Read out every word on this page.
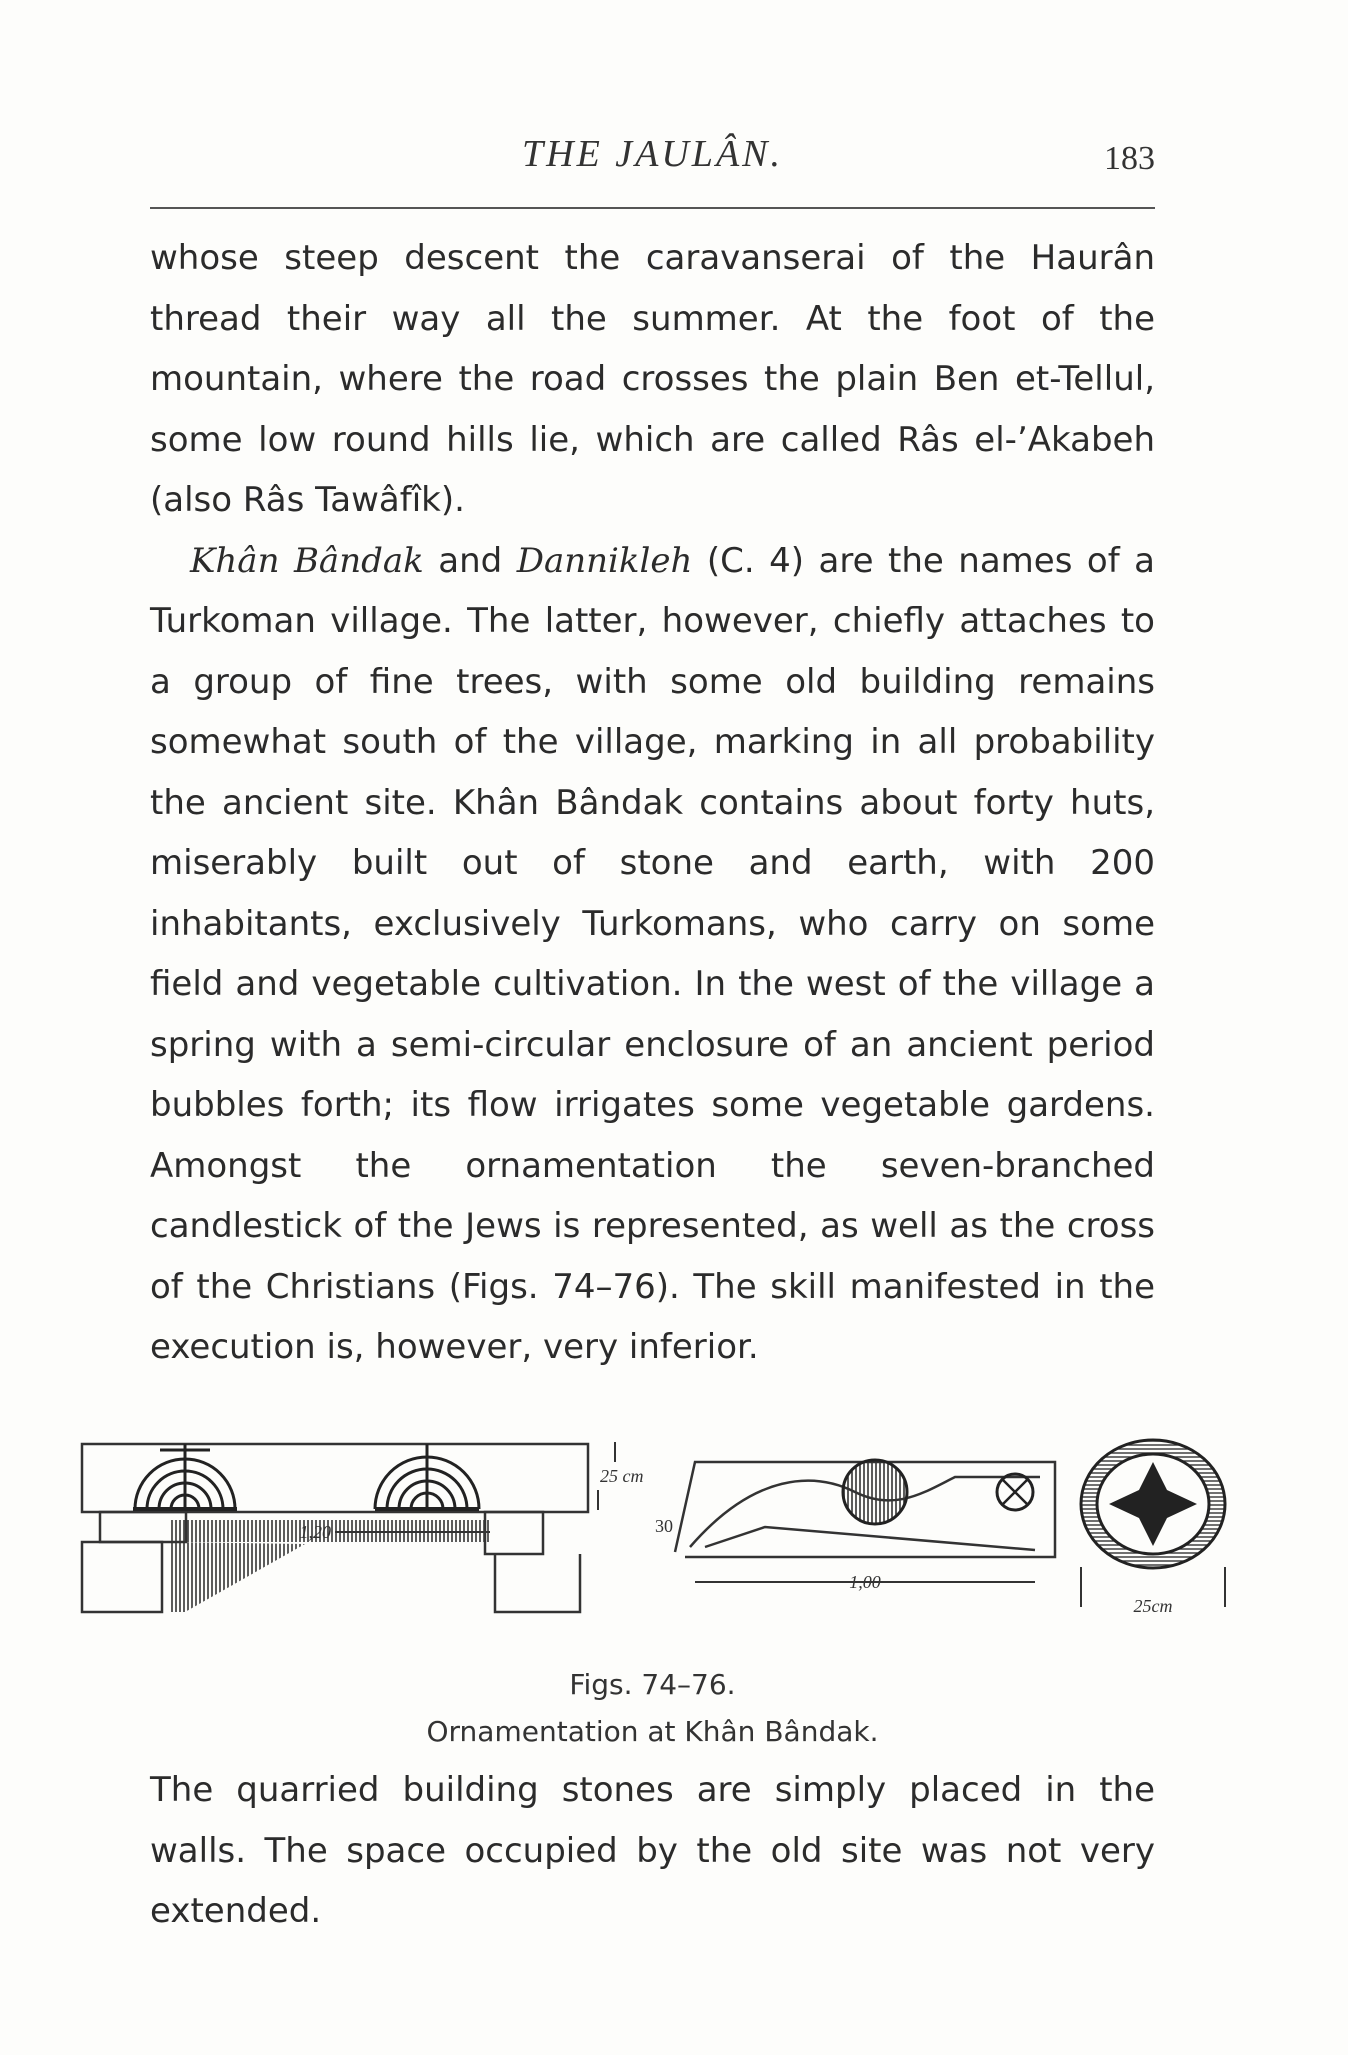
THE JAULÂN.	183

whose steep descent the caravanserai of the Haurân thread their way all the summer. At the foot of the mountain, where the road crosses the plain Ben et-Tellul, some low round hills lie, which are called Râs el-’Akabeh (also Râs Tawâfîk).

Khân Bândak and Dannikleh (C. 4) are the names of a Turkoman village. The latter, however, chiefly attaches to a group of fine trees, with some old building remains somewhat south of the village, marking in all probability the ancient site. Khân Bândak contains about forty huts, miserably built out of stone and earth, with 200 inhabitants, exclusively Turkomans, who carry on some field and vegetable cultivation. In the west of the village a spring with a semi-circular enclosure of an ancient period bubbles forth; its flow irrigates some vegetable gardens. Amongst the ornamentation the seven-branched candlestick of the Jews is represented, as well as the cross of the Christians (Figs. 74–76). The skill manifested in the execution is, however, very inferior.

1,20
25 cm
30
1,00
25cm
Figs. 74–76.
Ornamentation at Khân Bândak.

The quarried building stones are simply placed in the walls. The space occupied by the old site was not very extended.
